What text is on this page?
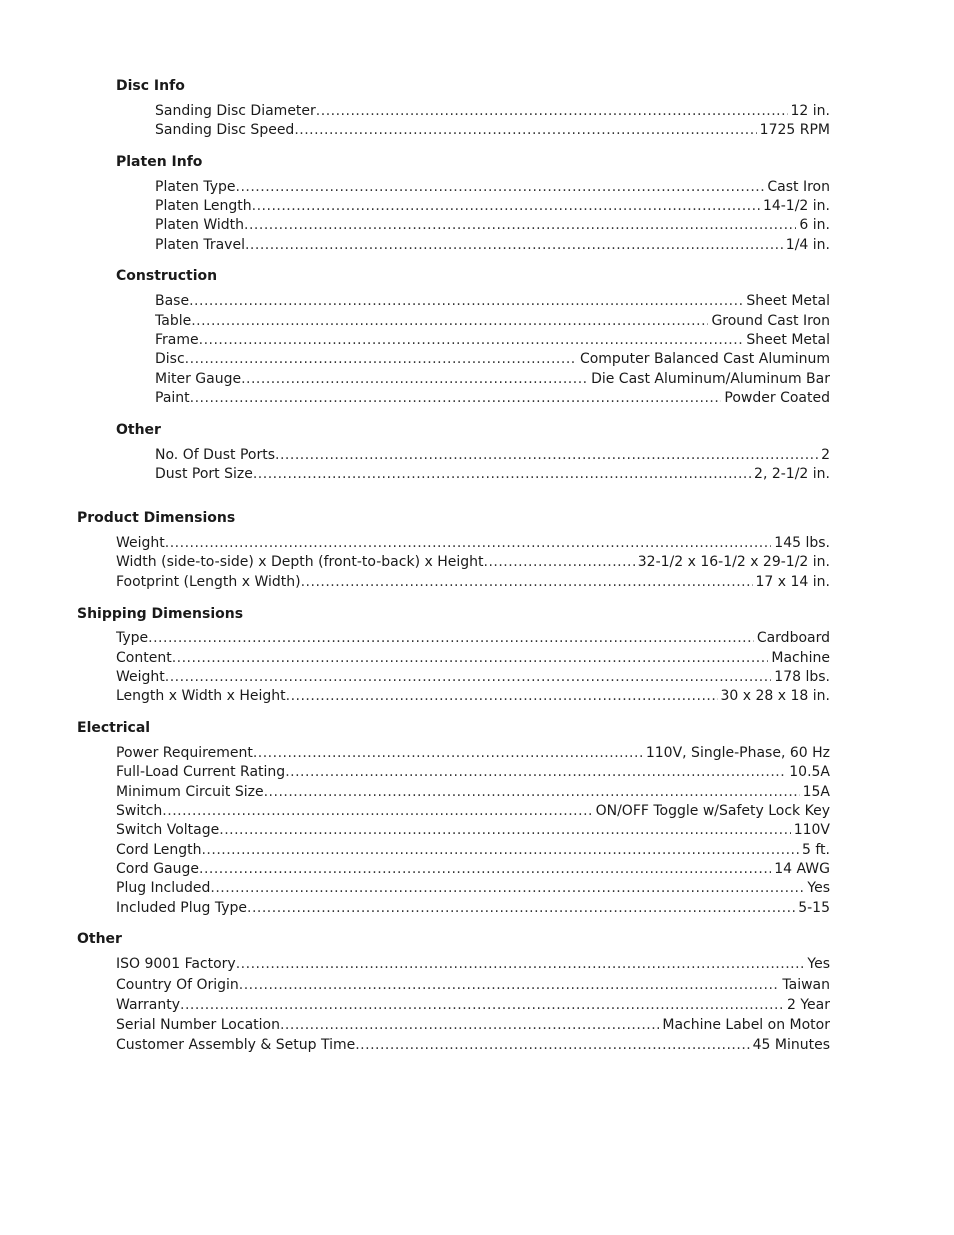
Disc Info
Sanding Disc Diameter .....	12 in.
Sanding Disc Speed .....	1725 RPM
Platen Info
Platen Type .....	Cast Iron
Platen Length .....	14-1/2 in.
Platen Width .....	6 in.
Platen Travel .....	1/4 in.
Construction
Base .....	Sheet Metal
Table .....	Ground Cast Iron
Frame .....	Sheet Metal
Disc .....	Computer Balanced Cast Aluminum
Miter Gauge .....	Die Cast Aluminum/Aluminum Bar
Paint .....	Powder Coated
Other
No. Of Dust Ports .....	2
Dust Port Size .....	2, 2-1/2 in.
Product Dimensions
Weight .....	145 lbs.
Width (side-to-side) x Depth (front-to-back) x Height .....	32-1/2 x 16-1/2 x 29-1/2 in.
Footprint (Length x Width) .....	17 x 14 in.
Shipping Dimensions
Type .....	Cardboard
Content .....	Machine
Weight .....	178 lbs.
Length x Width x Height .....	30 x 28 x 18 in.
Electrical
Power Requirement .....	110V, Single-Phase, 60 Hz
Full-Load Current Rating .....	10.5A
Minimum Circuit Size .....	15A
Switch .....	ON/OFF Toggle w/Safety Lock Key
Switch Voltage .....	110V
Cord Length .....	5 ft.
Cord Gauge .....	14 AWG
Plug Included .....	Yes
Included Plug Type .....	5-15
Other
ISO 9001 Factory .....	Yes
Country Of Origin .....	Taiwan
Warranty .....	2 Year
Serial Number Location .....	Machine Label on Motor
Customer Assembly & Setup Time .....	45 Minutes
